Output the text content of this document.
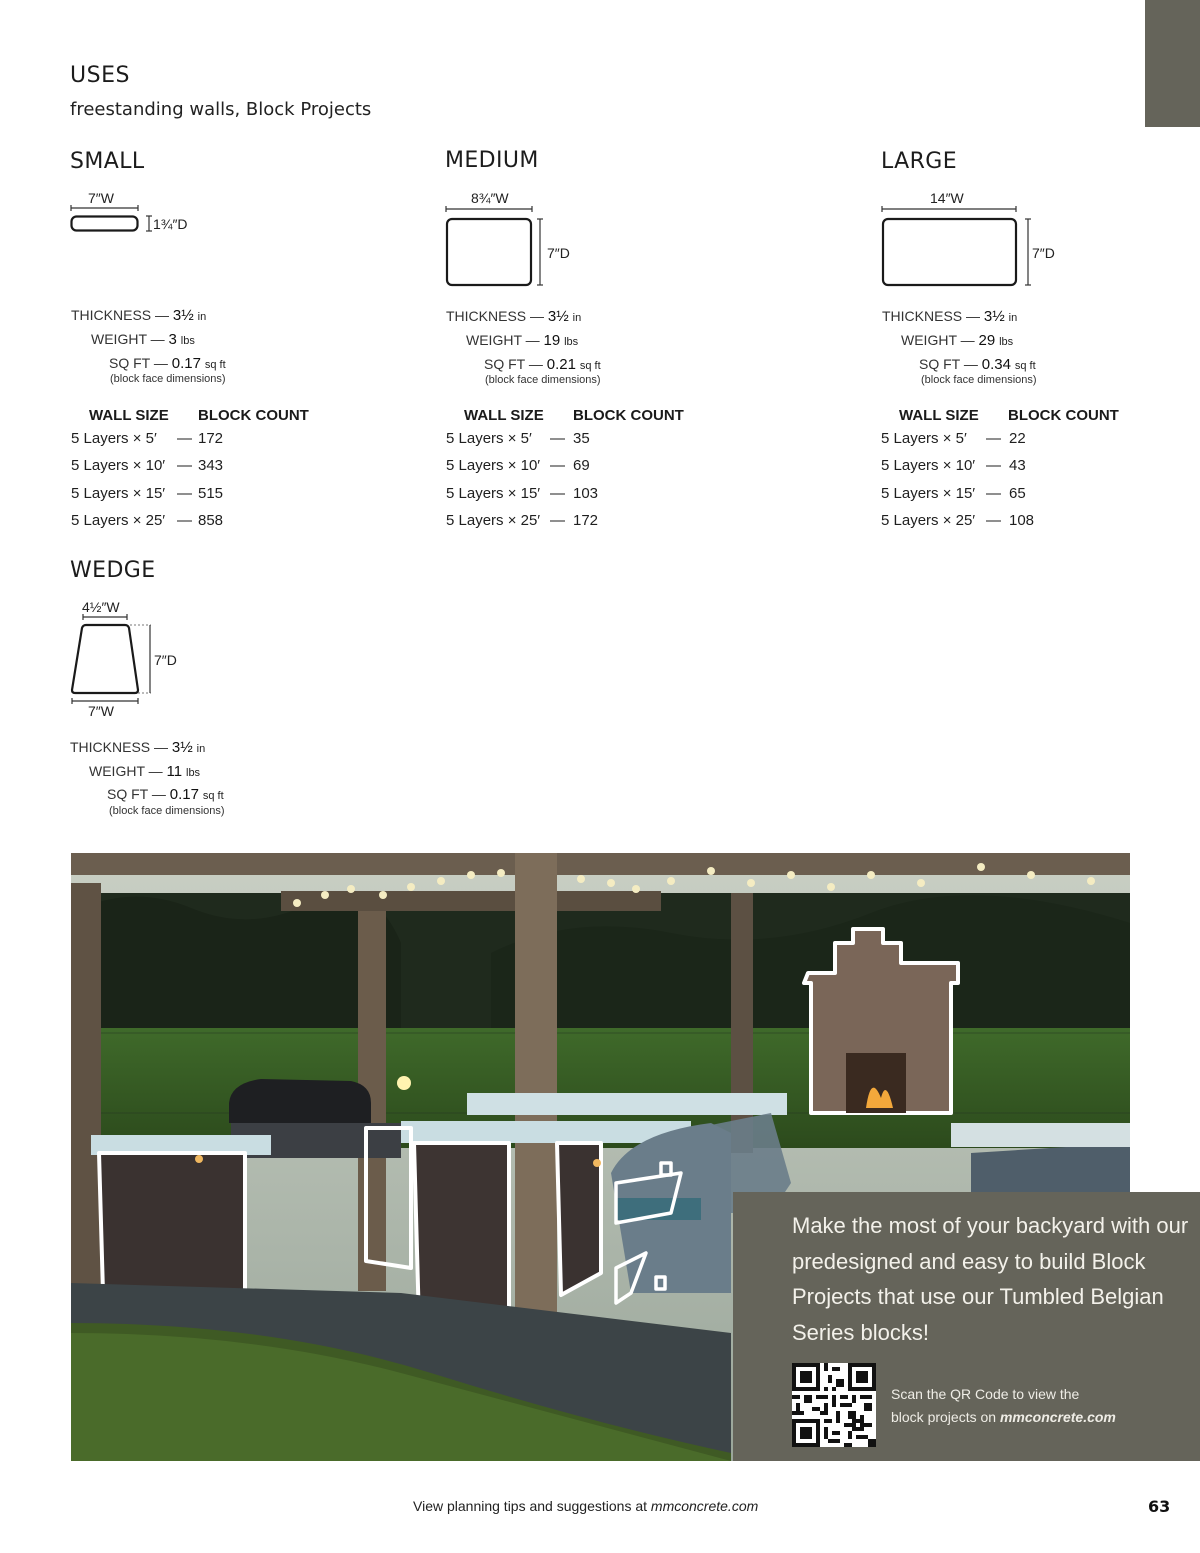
USES
freestanding walls, Block Projects
SMALL
7″W
1¾″D
THICKNESS — 3½ in
WEIGHT — 3 lbs
SQ FT — 0.17 sq ft
(block face dimensions)
WALL SIZE BLOCK COUNT
5 Layers × 5′ — 172
5 Layers × 10′ — 343
5 Layers × 15′ — 515
5 Layers × 25′ — 858
MEDIUM
8¾″W
7″D
THICKNESS — 3½ in
WEIGHT — 19 lbs
SQ FT — 0.21 sq ft
(block face dimensions)
WALL SIZE BLOCK COUNT
5 Layers × 5′ — 35
5 Layers × 10′ — 69
5 Layers × 15′ — 103
5 Layers × 25′ — 172
LARGE
14″W
7″D
THICKNESS — 3½ in
WEIGHT — 29 lbs
SQ FT — 0.34 sq ft
(block face dimensions)
WALL SIZE BLOCK COUNT
5 Layers × 5′ — 22
5 Layers × 10′ — 43
5 Layers × 15′ — 65
5 Layers × 25′ — 108
WEDGE
4½″W
7″D
7″W
THICKNESS — 3½ in
WEIGHT — 11 lbs
SQ FT — 0.17 sq ft
(block face dimensions)
Make the most of your backyard with our predesigned and easy to build Block Projects that use our Tumbled Belgian Series blocks!
Scan the QR Code to view the
block projects on mmconcrete.com
View planning tips and suggestions at mmconcrete.com	63
